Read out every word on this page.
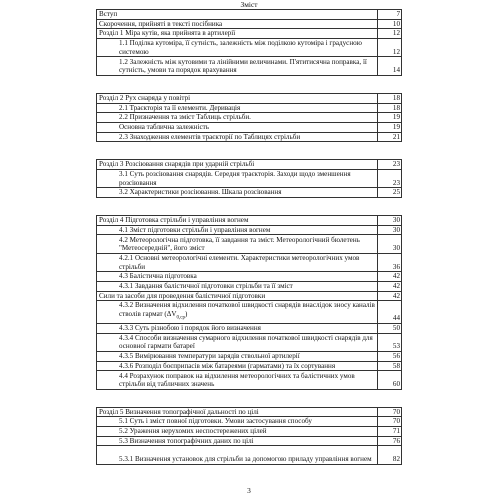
Зміст
Вступ	7
Скорочення, прийняті в тексті посібника	10
Розділ 1 Міра кутів, яка прийнята в артилерії	12
1.1 Поділка кутоміра, її сутність, залежність між поділкою кутоміра і градусною системою	12
1.2 Залежність між кутовими та лінійними величинами. П'ятитисячна поправка, її сутність, умови та порядок врахування	14

Розділ 2 Рух снаряда у повітрі	18
2.1 Траєкторія та її елементи. Деривація	18
2.2 Призначення та зміст Таблиць стрільби.	19
Основна таблична залежність	19
2.3 Знаходження елементів траєкторії по Таблицях стрільби	21

Розділ 3 Розсіювання снарядів при ударній стрільбі	23
3.1 Суть розсіювання снарядів. Середня траєкторія. Заходи щодо зменшення розсіювання	23
3.2 Характеристики розсіювання. Шкала розсіювання	25

Розділ 4 Підготовка стрільби і управління вогнем	30
4.1 Зміст підготовки стрільби і управління вогнем	30
4.2 Метеорологічна підготовка, її завдання та зміст. Метеорологічний бюлетень "Метеосередній", його зміст	30
4.2.1 Основні метеорологічні елементи. Характеристики метеорологічних умов стрільби	36
4.3 Балістична підготовка	42
4.3.1 Завдання балістичної підготовки стрільби та її зміст	42
Сили та засоби для проведення балістичної підготовки	42
4.3.2 Визначення відхилення початкової швидкості снарядів внаслідок зносу каналів стволів гармат $(\Delta V_{0,ср})$	44
4.3.3 Суть різнобою і порядок його визначення	50
4.3.4 Способи визначення сумарного відхилення початкової швидкості снарядів для основної гармати батареї	53
4.3.5 Вимірювання температури зарядів ствольної артилерії	56
4.3.6 Розподіл боєприпасів між батареями (гарматами) та їх сортування	58
4.4 Розрахунок поправок на відхилення метеорологічних та балістичних умов стрільби від табличних значень	60

Розділ 5 Визначення топографічної дальності по цілі	70
5.1 Суть і зміст повної підготовки. Умови застосування способу	70
5.2 Ураження нерухомих неспостережених цілей	71
5.3 Визначення топографічних даних по цілі	76
5.3.1 Визначення установок для стрільби за допомогою приладу управління вогнем	82
3
